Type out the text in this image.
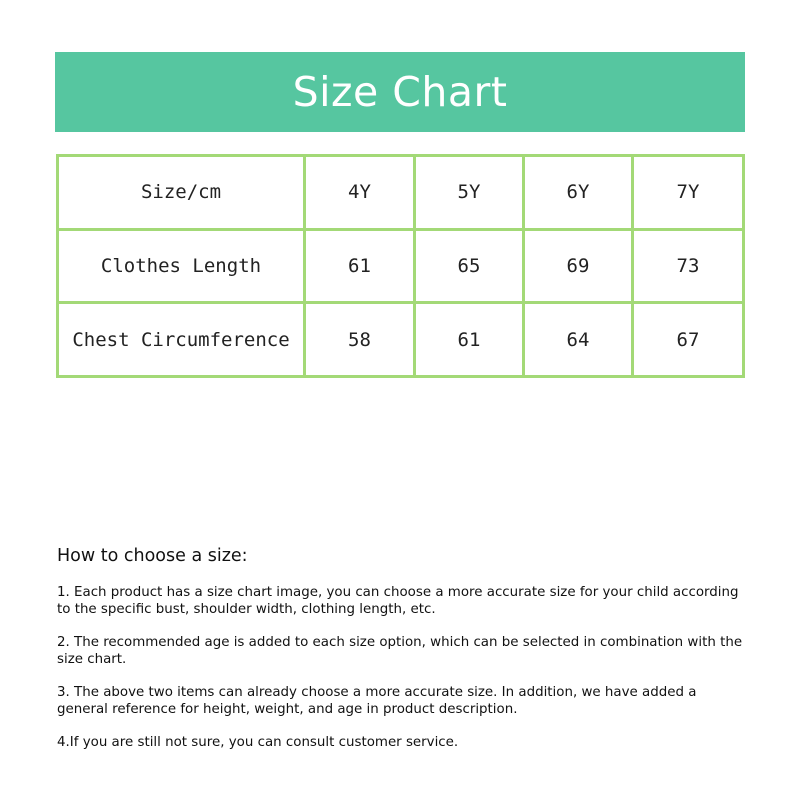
Size Chart
Size/cm	4Y	5Y	6Y	7Y
Clothes Length	61	65	69	73
Chest Circumference	58	61	64	67
How to choose a size:

1. Each product has a size chart image, you can choose a more accurate size for your child according to the specific bust, shoulder width, clothing length, etc.

2. The recommended age is added to each size option, which can be selected in combination with the size chart.

3. The above two items can already choose a more accurate size. In addition, we have added a general reference for height, weight, and age in product description.

4.If you are still not sure, you can consult customer service.
